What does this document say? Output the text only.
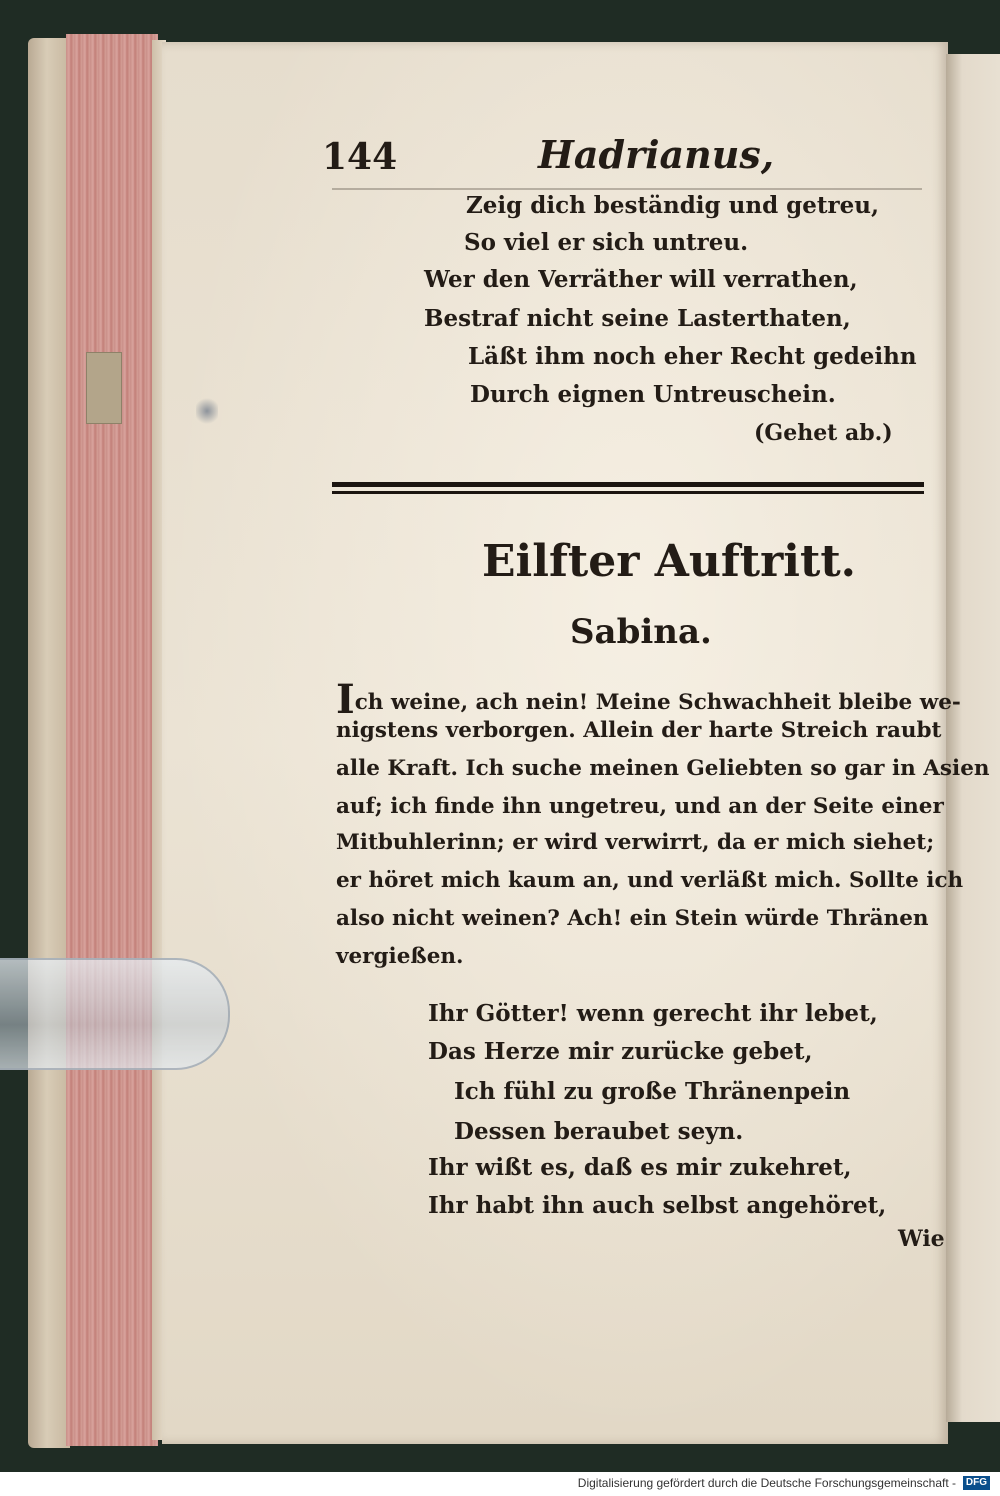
144	Hadrianus,
Zeig dich beständig und getreu,
So viel er sich untreu.
Wer den Verräther will verrathen,
Bestraf nicht seine Lasterthaten,
Läßt ihm noch eher Recht gedeihn
Durch eignen Untreuschein.
(Gehet ab.)
Eilfter Auftritt.
Sabina.
Ich weine, ach nein! Meine Schwachheit bleibe we-
nigstens verborgen. Allein der harte Streich raubt
alle Kraft. Ich suche meinen Geliebten so gar in Asien
auf; ich finde ihn ungetreu, und an der Seite einer
Mitbuhlerinn; er wird verwirrt, da er mich siehet;
er höret mich kaum an, und verläßt mich. Sollte ich
also nicht weinen? Ach! ein Stein würde Thränen
vergießen.
Ihr Götter! wenn gerecht ihr lebet,
Das Herze mir zurücke gebet,
Ich fühl zu große Thränenpein
Dessen beraubet seyn.
Ihr wißt es, daß es mir zukehret,
Ihr habt ihn auch selbst angehöret,
Wie
Digitalisierung gefördert durch die Deutsche Forschungsgemeinschaft - DFG
